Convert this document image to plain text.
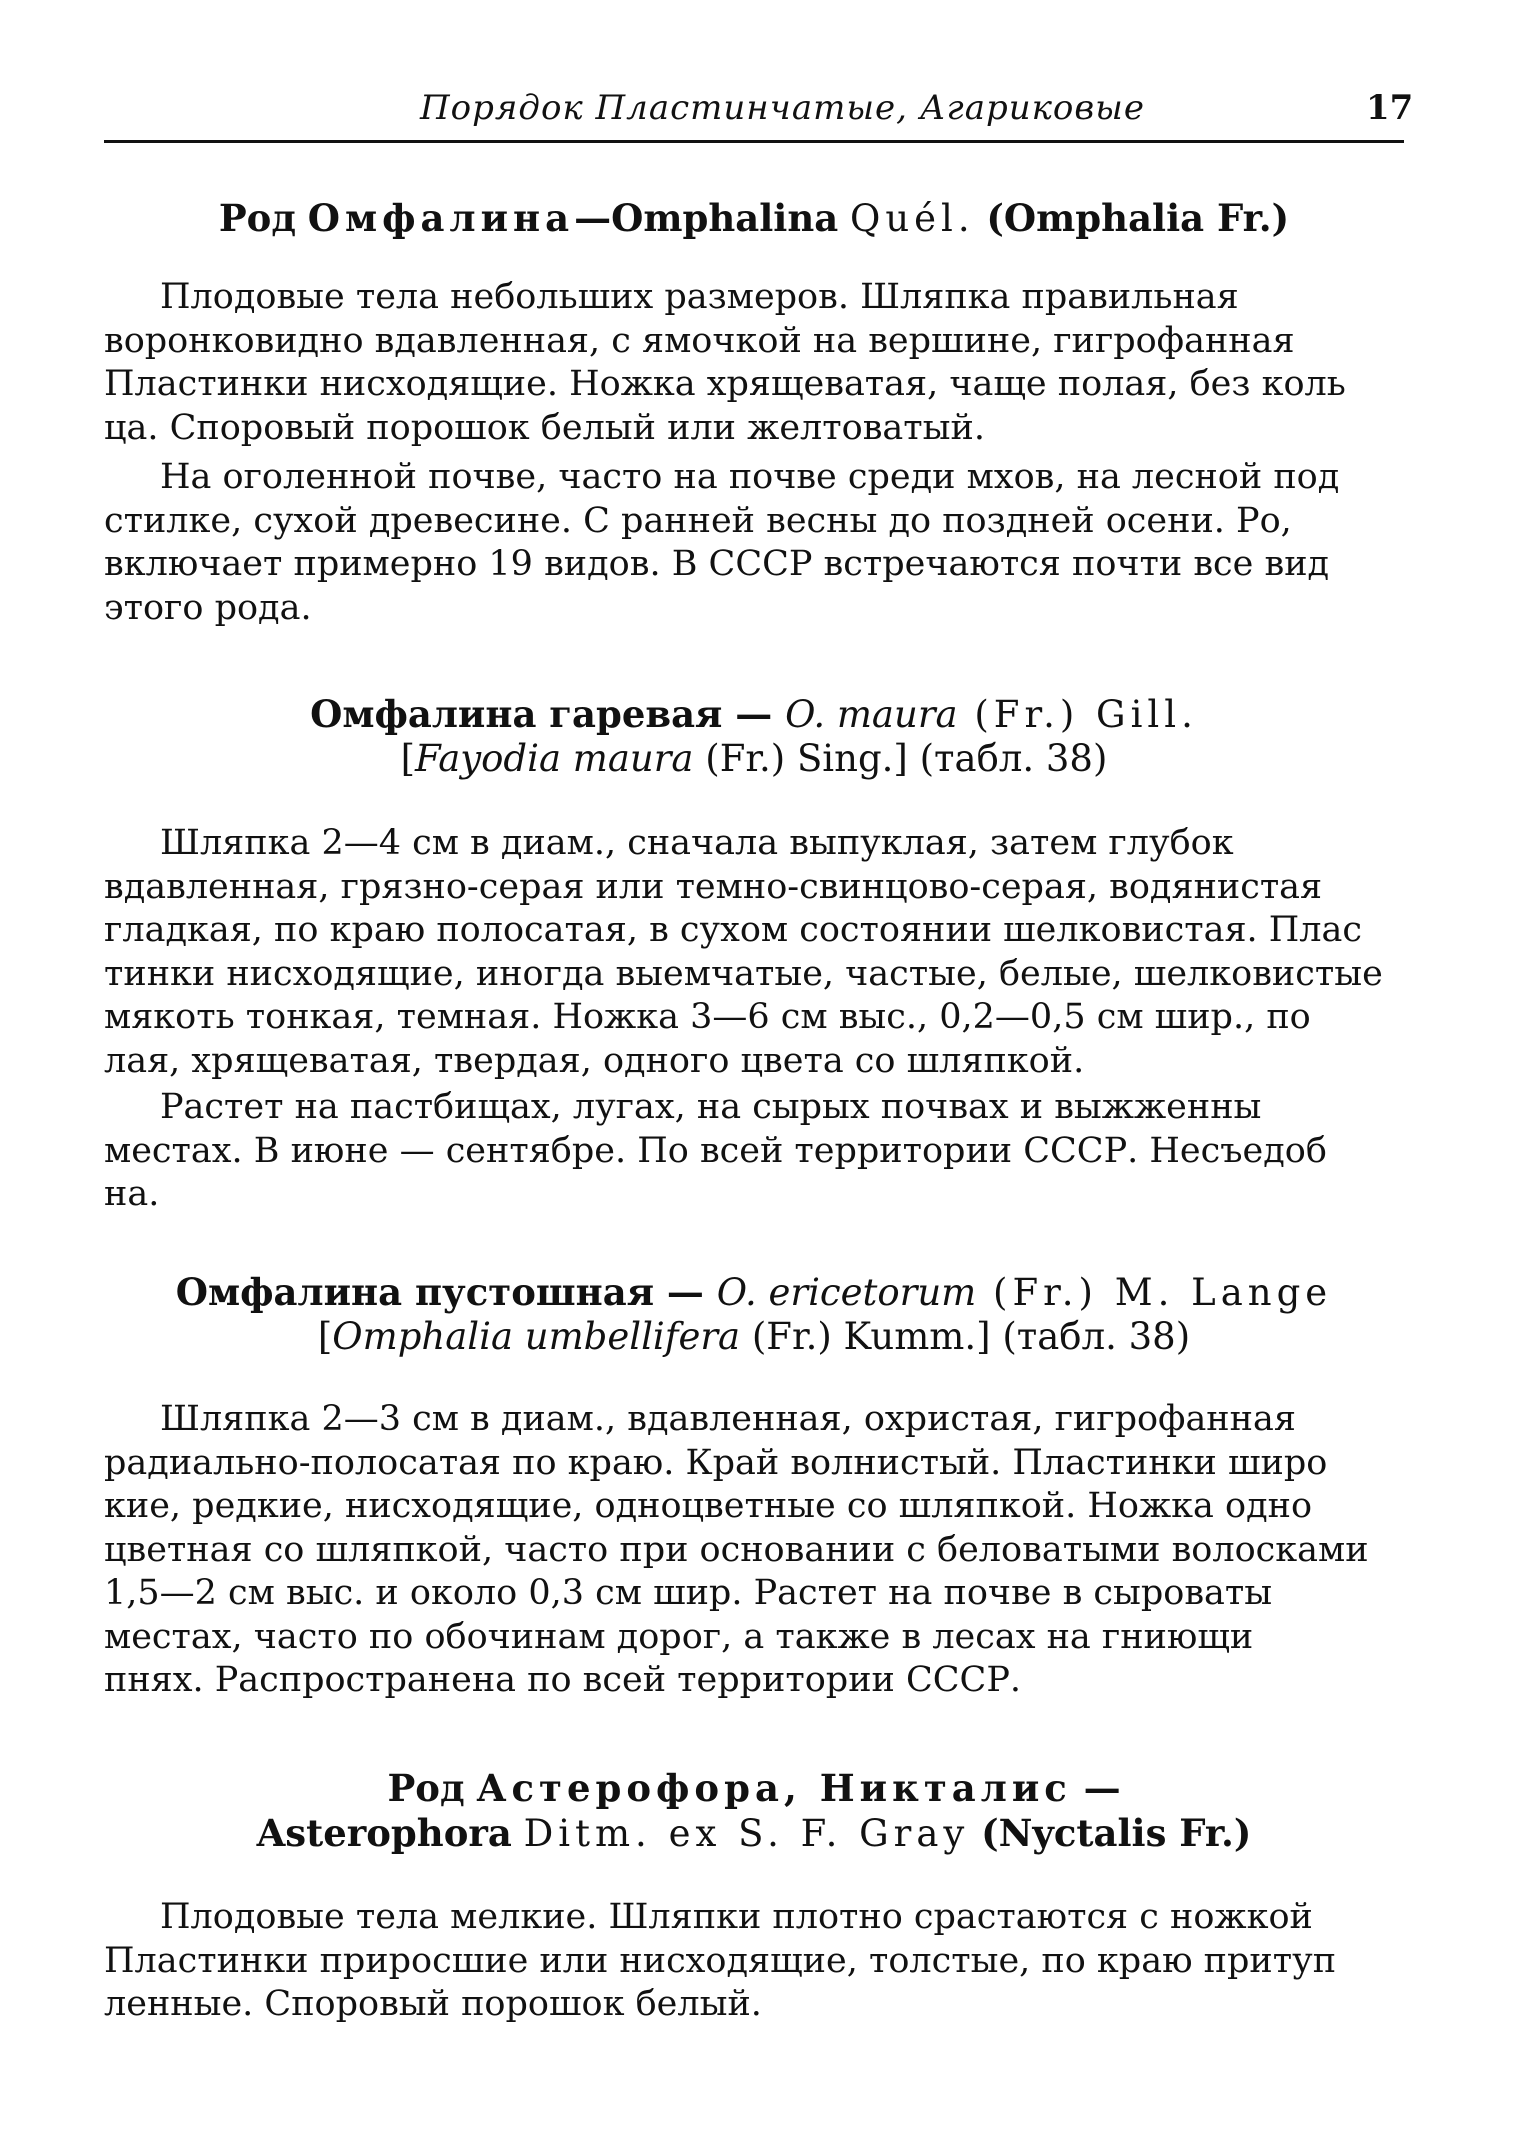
Порядок Пластинчатые, Агариковые	17
Род Омфалина—Omphalina Quél. (Omphalia Fr.)
Плодовые тела небольших размеров. Шляпка правильная
воронковидно вдавленная, с ямочкой на вершине, гигрофанная
Пластинки нисходящие. Ножка хрящеватая, чаще полая, без коль
ца. Споровый порошок белый или желтоватый.
На оголенной почве, часто на почве среди мхов, на лесной под
стилке, сухой древесине. С ранней весны до поздней осени. Ро,
включает примерно 19 видов. В СССР встречаются почти все вид
этого рода.
Омфалина гаревая — O. maura (Fr.) Gill.
[Fayodia maura (Fr.) Sing.] (табл. 38)
Шляпка 2—4 см в диам., сначала выпуклая, затем глубок
вдавленная, грязно-серая или темно-свинцово-серая, водянистая
гладкая, по краю полосатая, в сухом состоянии шелковистая. Плас
тинки нисходящие, иногда выемчатые, частые, белые, шелковистые
мякоть тонкая, темная. Ножка 3—6 см выс., 0,2—0,5 см шир., по
лая, хрящеватая, твердая, одного цвета со шляпкой.
Растет на пастбищах, лугах, на сырых почвах и выжженны
местах. В июне — сентябре. По всей территории СССР. Несъедоб
на.
Омфалина пустошная — O. ericetorum (Fr.) M. Lange
[Omphalia umbellifera (Fr.) Kumm.] (табл. 38)
Шляпка 2—3 см в диам., вдавленная, охристая, гигрофанная
радиально-полосатая по краю. Край волнистый. Пластинки широ
кие, редкие, нисходящие, одноцветные со шляпкой. Ножка одно
цветная со шляпкой, часто при основании с беловатыми волосками
1,5—2 см выс. и около 0,3 см шир. Растет на почве в сыроваты
местах, часто по обочинам дорог, а также в лесах на гниющи
пнях. Распространена по всей территории СССР.
Род Астерофора, Никталис —
Asterophora Ditm. ex S. F. Gray (Nyctalis Fr.)
Плодовые тела мелкие. Шляпки плотно срастаются с ножкой
Пластинки приросшие или нисходящие, толстые, по краю притуп
ленные. Споровый порошок белый.
